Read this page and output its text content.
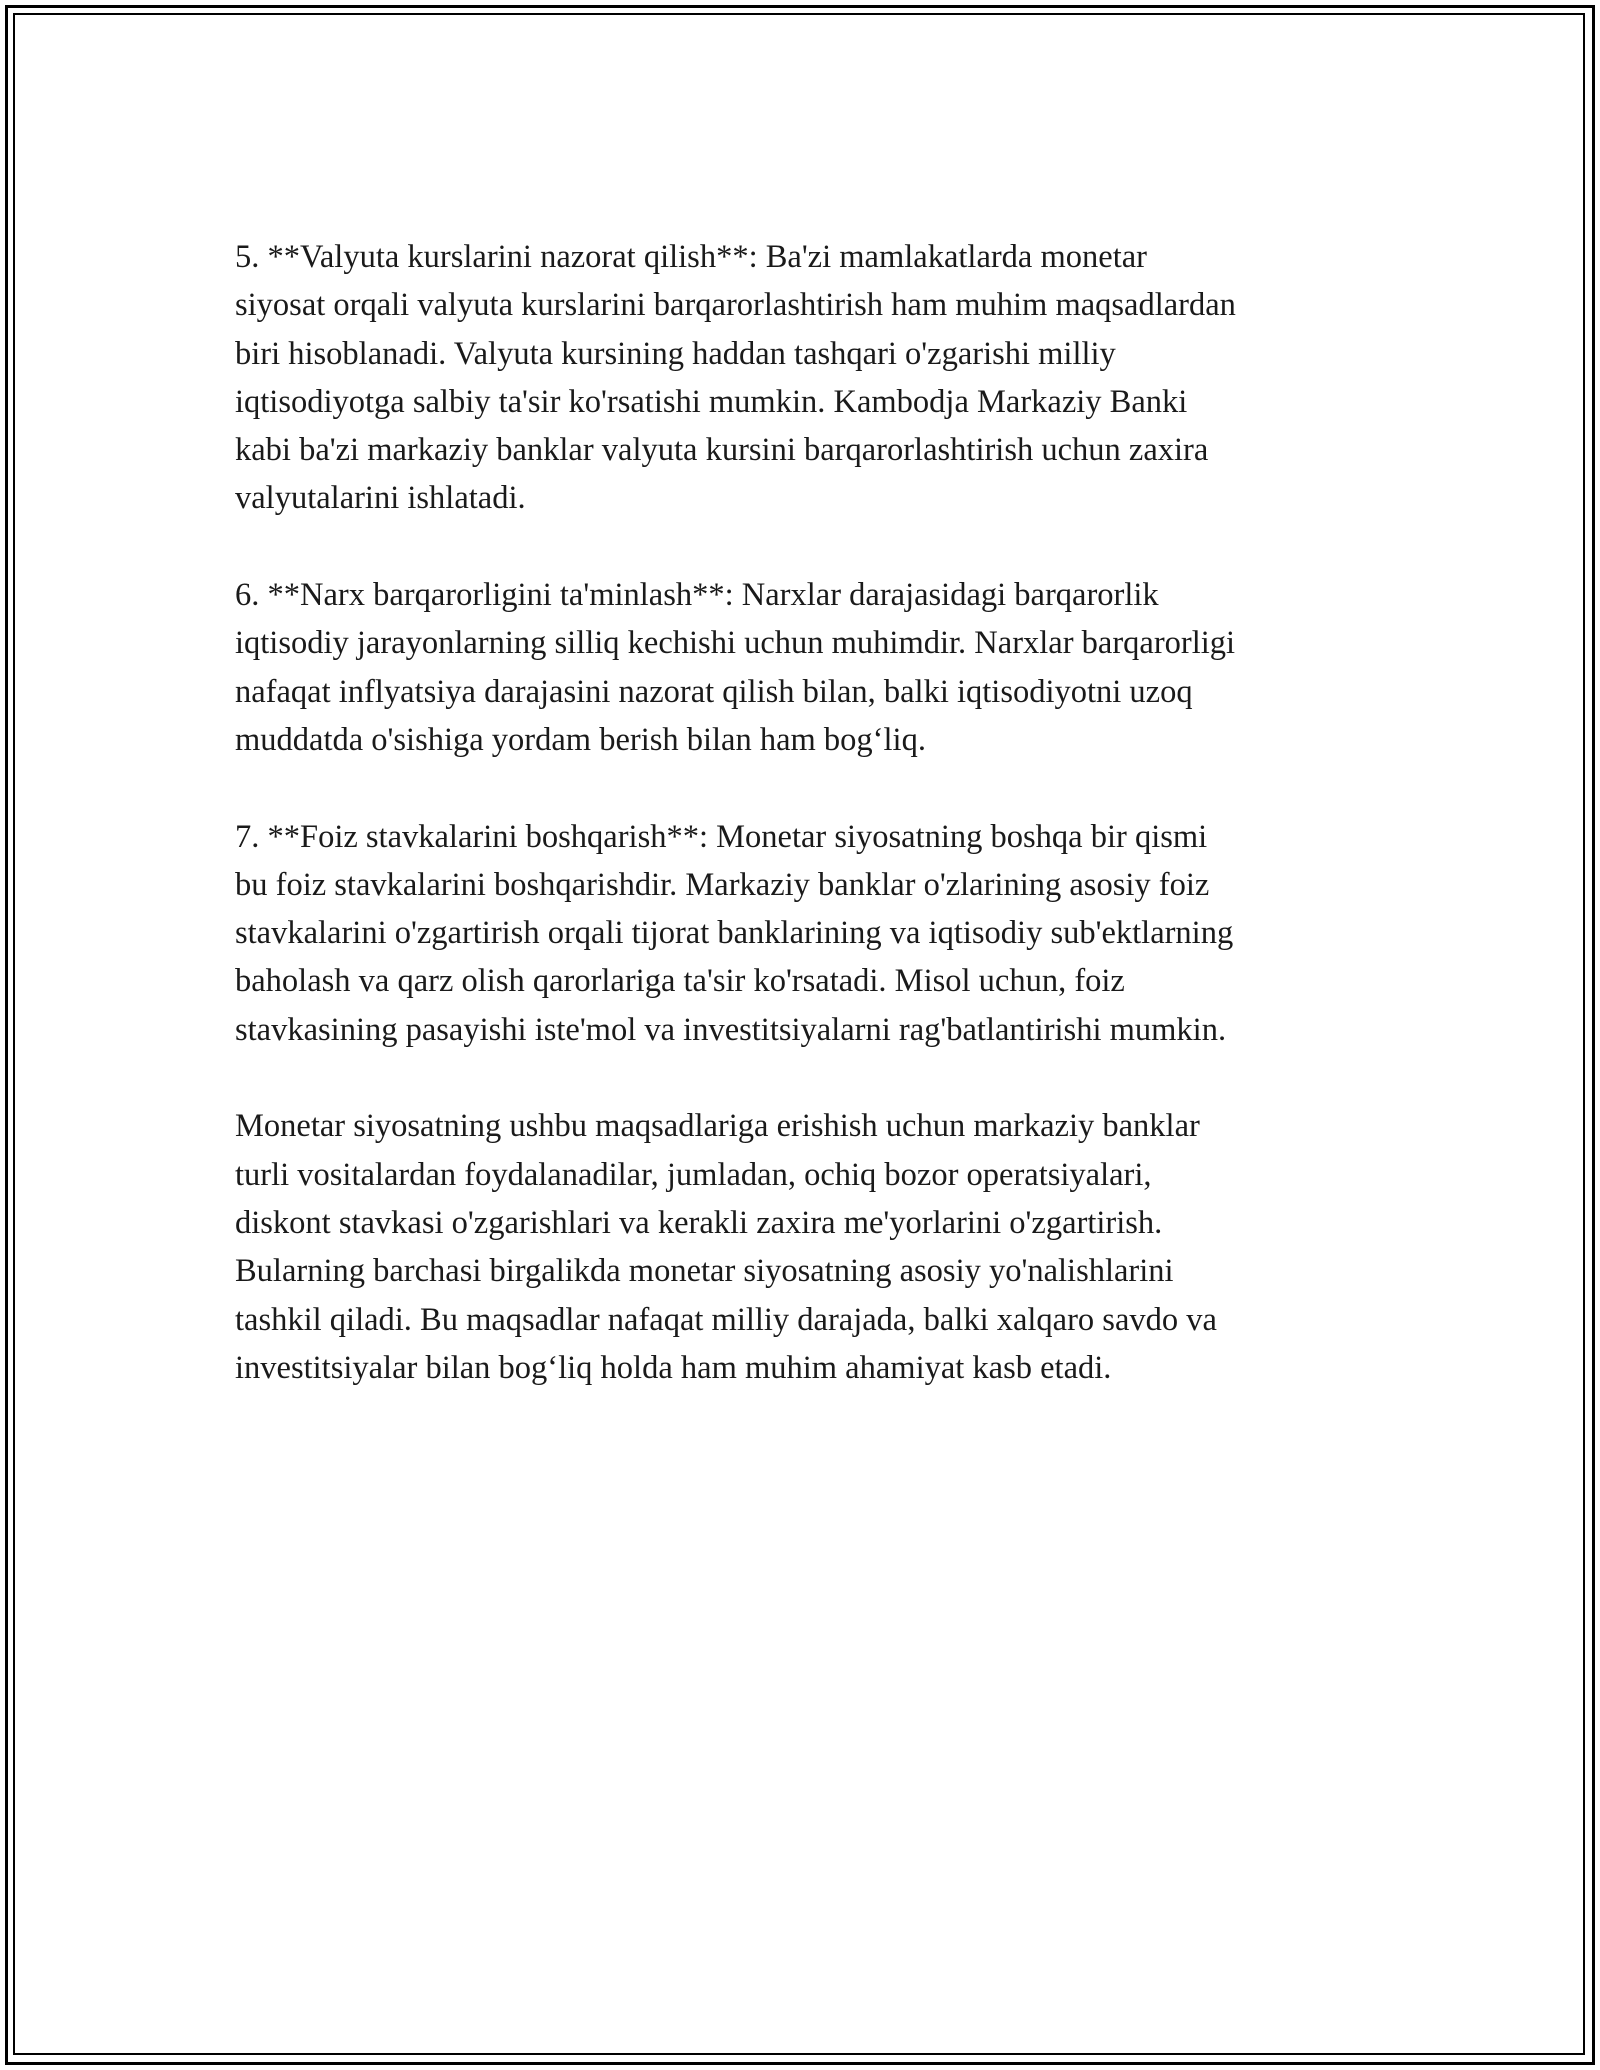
5. **Valyuta kurslarini nazorat qilish**: Ba'zi mamlakatlarda monetar
siyosat orqali valyuta kurslarini barqarorlashtirish ham muhim maqsadlardan
biri hisoblanadi. Valyuta kursining haddan tashqari o'zgarishi milliy
iqtisodiyotga salbiy ta'sir ko'rsatishi mumkin. Kambodja Markaziy Banki
kabi ba'zi markaziy banklar valyuta kursini barqarorlashtirish uchun zaxira
valyutalarini ishlatadi.

6. **Narx barqarorligini ta'minlash**: Narxlar darajasidagi barqarorlik
iqtisodiy jarayonlarning silliq kechishi uchun muhimdir. Narxlar barqarorligi
nafaqat inflyatsiya darajasini nazorat qilish bilan, balki iqtisodiyotni uzoq
muddatda o'sishiga yordam berish bilan ham bog‘liq.

7. **Foiz stavkalarini boshqarish**: Monetar siyosatning boshqa bir qismi
bu foiz stavkalarini boshqarishdir. Markaziy banklar o'zlarining asosiy foiz
stavkalarini o'zgartirish orqali tijorat banklarining va iqtisodiy sub'ektlarning
baholash va qarz olish qarorlariga ta'sir ko'rsatadi. Misol uchun, foiz
stavkasining pasayishi iste'mol va investitsiyalarni rag'batlantirishi mumkin.

Monetar siyosatning ushbu maqsadlariga erishish uchun markaziy banklar
turli vositalardan foydalanadilar, jumladan, ochiq bozor operatsiyalari,
diskont stavkasi o'zgarishlari va kerakli zaxira me'yorlarini o'zgartirish.
Bularning barchasi birgalikda monetar siyosatning asosiy yo'nalishlarini
tashkil qiladi. Bu maqsadlar nafaqat milliy darajada, balki xalqaro savdo va
investitsiyalar bilan bog‘liq holda ham muhim ahamiyat kasb etadi.
